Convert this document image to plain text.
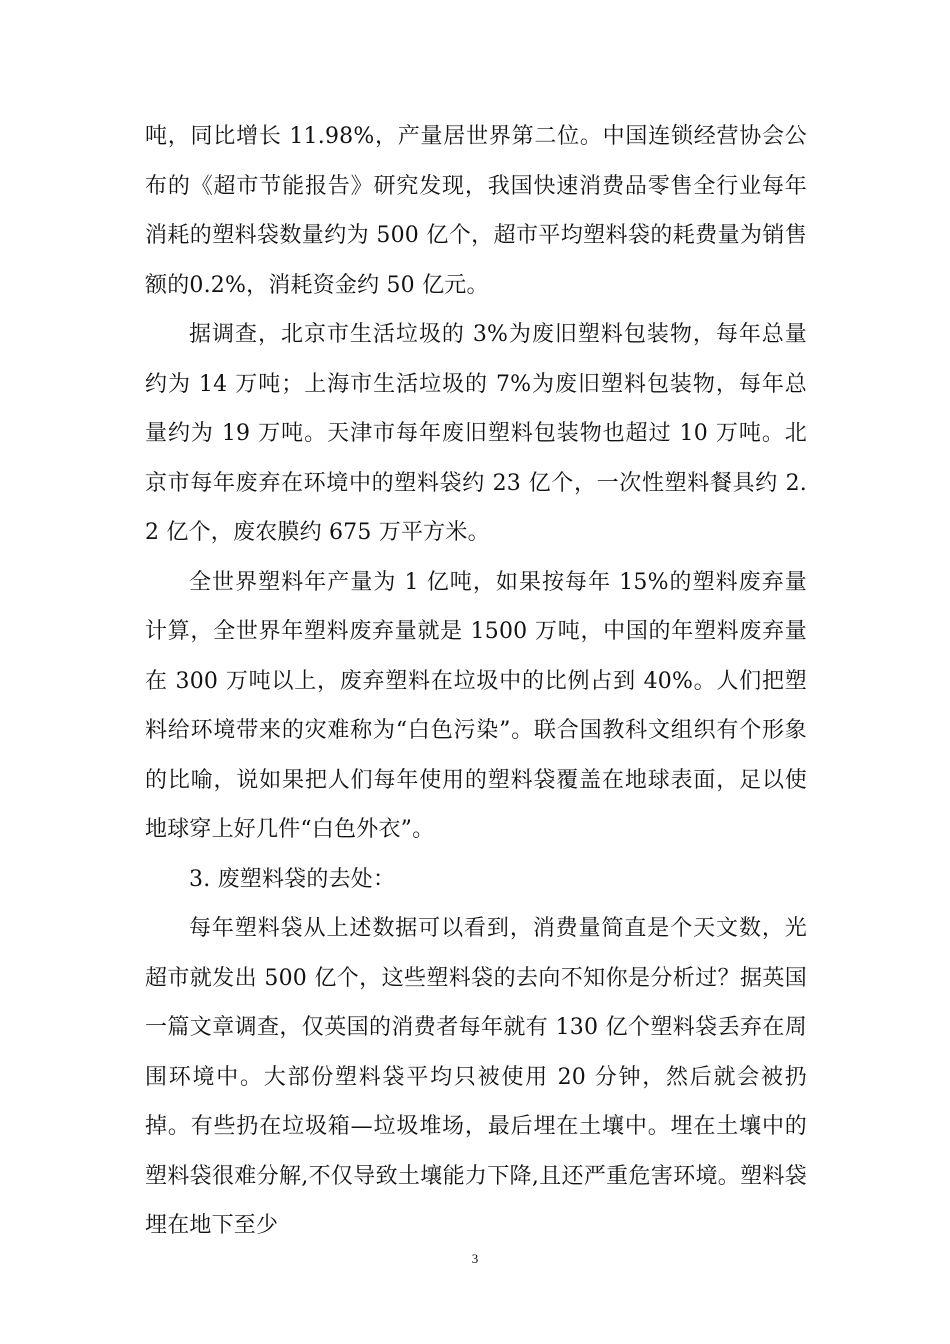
吨，同比增长 11.98%，产量居世界第二位。中国连锁经营协会公布的《超市节能报告》研究发现，我国快速消费品零售全行业每年消耗的塑料袋数量约为 500 亿个，超市平均塑料袋的耗费量为销售额的0.2%，消耗资金约 50 亿元。

据调查，北京市生活垃圾的 3%为废旧塑料包装物，每年总量约为 14 万吨；上海市生活垃圾的 7%为废旧塑料包装物，每年总量约为 19 万吨。天津市每年废旧塑料包装物也超过 10 万吨。北京市每年废弃在环境中的塑料袋约 23 亿个，一次性塑料餐具约 2.2 亿个，废农膜约 675 万平方米。

全世界塑料年产量为 1 亿吨，如果按每年 15%的塑料废弃量计算，全世界年塑料废弃量就是 1500 万吨，中国的年塑料废弃量在 300 万吨以上，废弃塑料在垃圾中的比例占到 40%。人们把塑料给环境带来的灾难称为“白色污染”。联合国教科文组织有个形象的比喻，说如果把人们每年使用的塑料袋覆盖在地球表面，足以使地球穿上好几件“白色外衣”。

3. 废塑料袋的去处：

每年塑料袋从上述数据可以看到，消费量简直是个天文数，光超市就发出 500 亿个，这些塑料袋的去向不知你是分析过？据英国一篇文章调查，仅英国的消费者每年就有 130 亿个塑料袋丢弃在周围环境中。大部份塑料袋平均只被使用 20 分钟，然后就会被扔掉。有些扔在垃圾箱—垃圾堆场，最后埋在土壤中。埋在土壤中的塑料袋很难分解,不仅导致土壤能力下降,且还严重危害环境。塑料袋埋在地下至少

3
